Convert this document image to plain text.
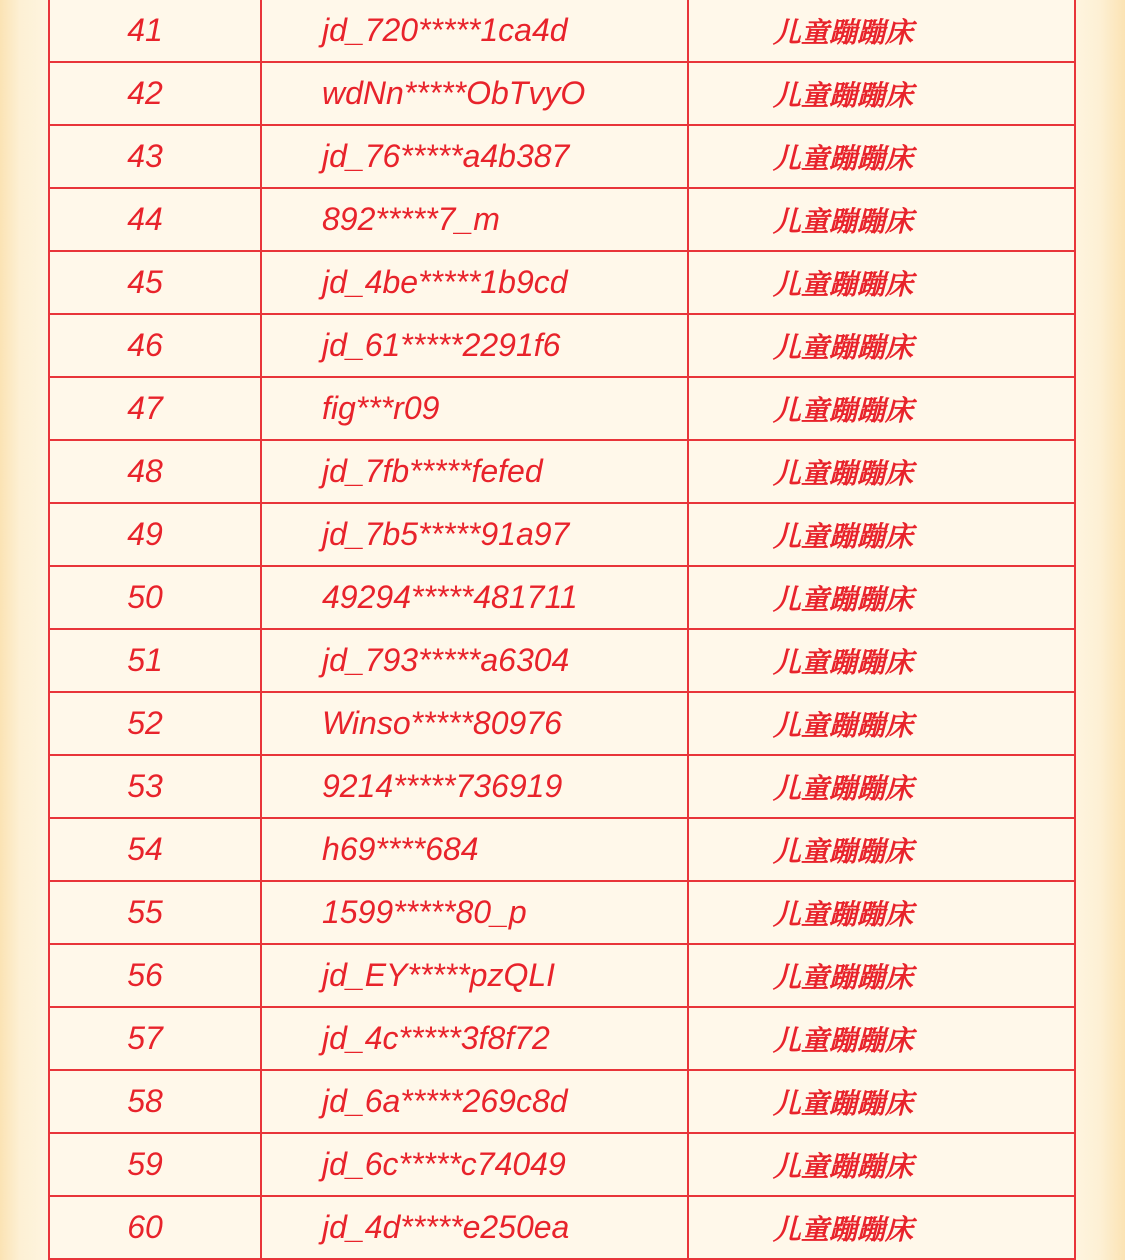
41	jd_720*****1ca4d	儿童蹦蹦床
42	wdNn*****ObTvyO	儿童蹦蹦床
43	jd_76*****a4b387	儿童蹦蹦床
44	892*****7_m	儿童蹦蹦床
45	jd_4be*****1b9cd	儿童蹦蹦床
46	jd_61*****2291f6	儿童蹦蹦床
47	fig***r09	儿童蹦蹦床
48	jd_7fb*****fefed	儿童蹦蹦床
49	jd_7b5*****91a97	儿童蹦蹦床
50	49294*****481711	儿童蹦蹦床
51	jd_793*****a6304	儿童蹦蹦床
52	Winso*****80976	儿童蹦蹦床
53	9214*****736919	儿童蹦蹦床
54	h69****684	儿童蹦蹦床
55	1599*****80_p	儿童蹦蹦床
56	jd_EY*****pzQLI	儿童蹦蹦床
57	jd_4c*****3f8f72	儿童蹦蹦床
58	jd_6a*****269c8d	儿童蹦蹦床
59	jd_6c*****c74049	儿童蹦蹦床
60	jd_4d*****e250ea	儿童蹦蹦床
